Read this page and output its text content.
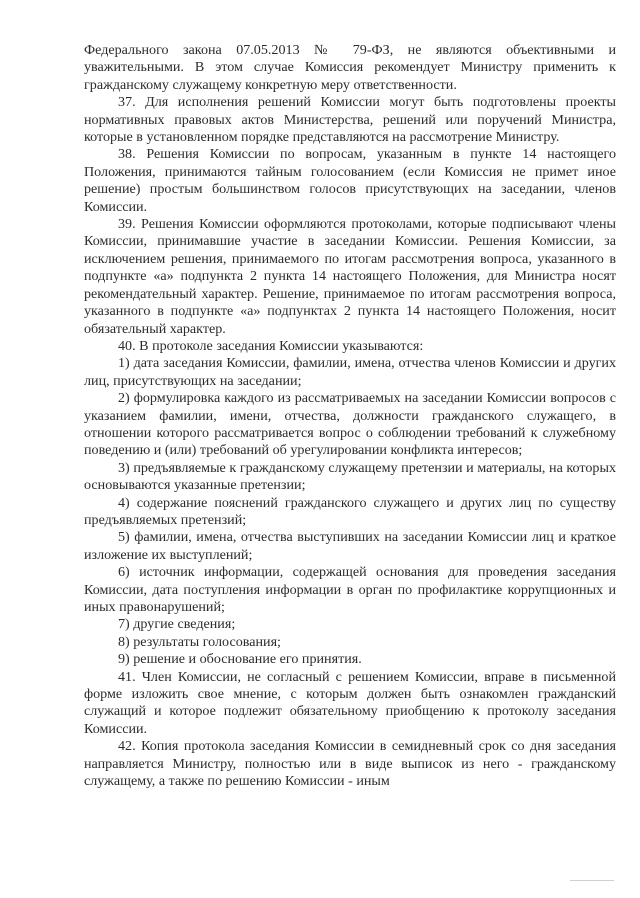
Федерального закона 07.05.2013 № 79-ФЗ, не являются объективными и уважительными. В этом случае Комиссия рекомендует Министру применить к гражданскому служащему конкретную меру ответственности.

37. Для исполнения решений Комиссии могут быть подготовлены проекты нормативных правовых актов Министерства, решений или поручений Министра, которые в установленном порядке представляются на рассмотрение Министру.

38. Решения Комиссии по вопросам, указанным в пункте 14 настоящего Положения, принимаются тайным голосованием (если Комиссия не примет иное решение) простым большинством голосов присутствующих на заседании, членов Комиссии.

39. Решения Комиссии оформляются протоколами, которые подписывают члены Комиссии, принимавшие участие в заседании Комиссии. Решения Комиссии, за исключением решения, принимаемого по итогам рассмотрения вопроса, указанного в подпункте «а» подпункта 2 пункта 14 настоящего Положения, для Министра носят рекомендательный характер. Решение, принимаемое по итогам рассмотрения вопроса, указанного в подпункте «а» подпунктах 2 пункта 14 настоящего Положения, носит обязательный характер.

40. В протоколе заседания Комиссии указываются:

1) дата заседания Комиссии, фамилии, имена, отчества членов Комиссии и других лиц, присутствующих на заседании;

2) формулировка каждого из рассматриваемых на заседании Комиссии вопросов с указанием фамилии, имени, отчества, должности гражданского служащего, в отношении которого рассматривается вопрос о соблюдении требований к служебному поведению и (или) требований об урегулировании конфликта интересов;

3) предъявляемые к гражданскому служащему претензии и материалы, на которых основываются указанные претензии;

4) содержание пояснений гражданского служащего и других лиц по существу предъявляемых претензий;

5) фамилии, имена, отчества выступивших на заседании Комиссии лиц и краткое изложение их выступлений;

6) источник информации, содержащей основания для проведения заседания Комиссии, дата поступления информации в орган по профилактике коррупционных и иных правонарушений;

7) другие сведения;

8) результаты голосования;

9) решение и обоснование его принятия.

41. Член Комиссии, не согласный с решением Комиссии, вправе в письменной форме изложить свое мнение, с которым должен быть ознакомлен гражданский служащий и которое подлежит обязательному приобщению к протоколу заседания Комиссии.

42. Копия протокола заседания Комиссии в семидневный срок со дня заседания направляется Министру, полностью или в виде выписок из него - гражданскому служащему, а также по решению Комиссии - иным
